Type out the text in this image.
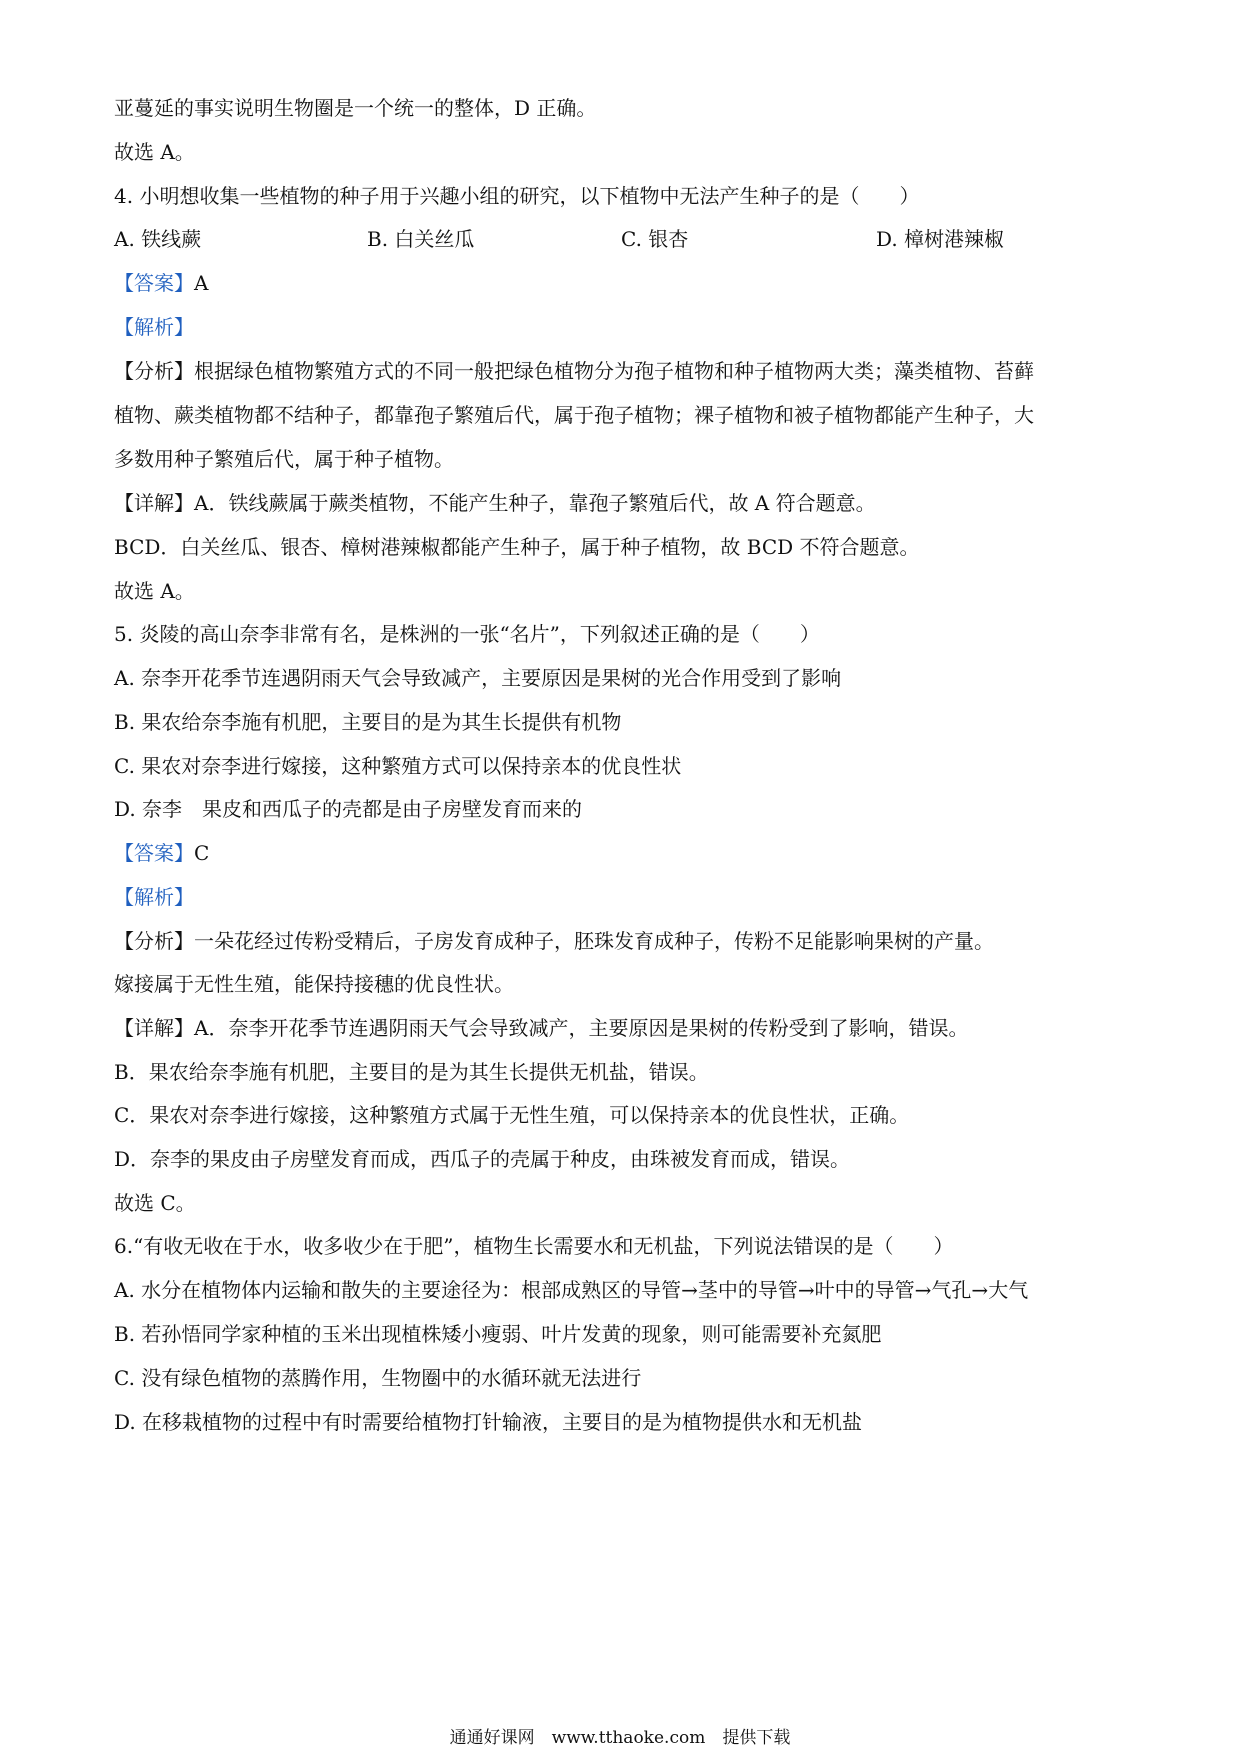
亚蔓延的事实说明生物圈是一个统一的整体，D 正确。
故选 A。
4. 小明想收集一些植物的种子用于兴趣小组的研究，以下植物中无法产生种子的是（　　）
A. 铁线蕨	B. 白关丝瓜	C. 银杏	D. 樟树港辣椒
【答案】A
【解析】
【分析】根据绿色植物繁殖方式的不同一般把绿色植物分为孢子植物和种子植物两大类；藻类植物、苔藓
植物、蕨类植物都不结种子，都靠孢子繁殖后代，属于孢子植物；裸子植物和被子植物都能产生种子，大
多数用种子繁殖后代，属于种子植物。
【详解】A．铁线蕨属于蕨类植物，不能产生种子，靠孢子繁殖后代，故 A 符合题意。
BCD．白关丝瓜、银杏、樟树港辣椒都能产生种子，属于种子植物，故 BCD 不符合题意。
故选 A。
5. 炎陵的高山奈李非常有名，是株洲的一张“名片”，下列叙述正确的是（　　）
A. 奈李开花季节连遇阴雨天气会导致减产，主要原因是果树的光合作用受到了影响
B. 果农给奈李施有机肥，主要目的是为其生长提供有机物
C. 果农对奈李进行嫁接，这种繁殖方式可以保持亲本的优良性状
D. 奈李　果皮和西瓜子的壳都是由子房壁发育而来的
【答案】C
【解析】
【分析】一朵花经过传粉受精后，子房发育成种子，胚珠发育成种子，传粉不足能影响果树的产量。
嫁接属于无性生殖，能保持接穗的优良性状。
【详解】A．奈李开花季节连遇阴雨天气会导致减产，主要原因是果树的传粉受到了影响，错误。
B．果农给奈李施有机肥，主要目的是为其生长提供无机盐，错误。
C．果农对奈李进行嫁接，这种繁殖方式属于无性生殖，可以保持亲本的优良性状，正确。
D．奈李的果皮由子房壁发育而成，西瓜子的壳属于种皮，由珠被发育而成，错误。
故选 C。
6.“有收无收在于水，收多收少在于肥”，植物生长需要水和无机盐，下列说法错误的是（　　）
A. 水分在植物体内运输和散失的主要途径为：根部成熟区的导管→茎中的导管→叶中的导管→气孔→大气
B. 若孙悟同学家种植的玉米出现植株矮小瘦弱、叶片发黄的现象，则可能需要补充氮肥
C. 没有绿色植物的蒸腾作用，生物圈中的水循环就无法进行
D. 在移栽植物的过程中有时需要给植物打针输液，主要目的是为植物提供水和无机盐
通通好课网　www.tthaoke.com　提供下载
